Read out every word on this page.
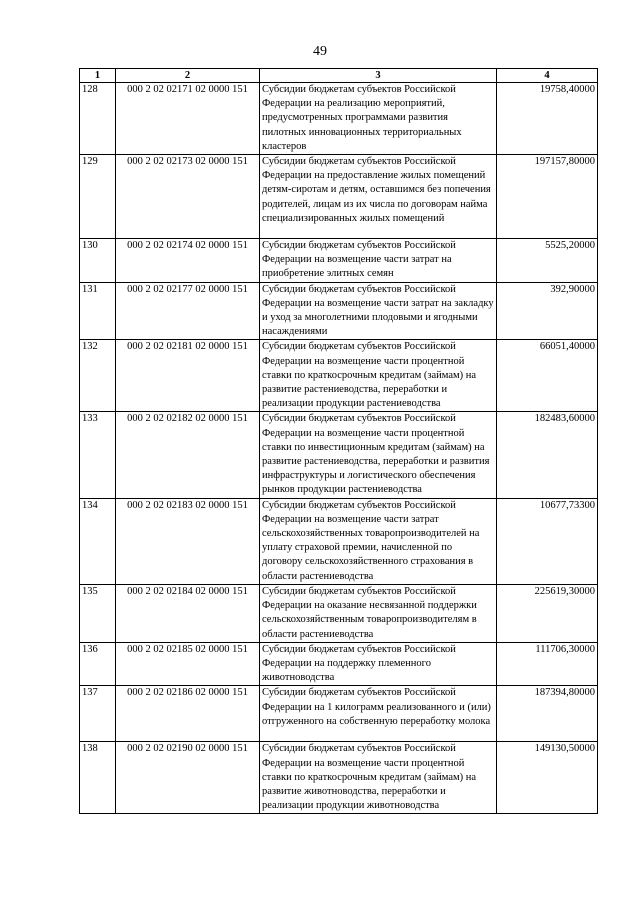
49
1	2	3	4
128	000 2 02 02171 02 0000 151	Субсидии бюджетам субъектов Российской Федерации на реализацию мероприятий, предусмотренных программами развития пилотных инновационных территориальных кластеров	19758,40000
129	000 2 02 02173 02 0000 151	Субсидии бюджетам субъектов Российской Федерации на предоставление жилых помещений детям-сиротам и детям, оставшимся без попечения родителей, лицам из их числа по договорам найма специализированных жилых помещений	197157,80000
130	000 2 02 02174 02 0000 151	Субсидии бюджетам субъектов Российской Федерации на возмещение части затрат на приобретение элитных семян	5525,20000
131	000 2 02 02177 02 0000 151	Субсидии бюджетам субъектов Российской Федерации на возмещение части затрат на закладку и уход за многолетними плодовыми и ягодными насаждениями	392,90000
132	000 2 02 02181 02 0000 151	Субсидии бюджетам субъектов Российской Федерации на возмещение части процентной ставки по краткосрочным кредитам (займам) на развитие растениеводства, переработки и реализации продукции растениеводства	66051,40000
133	000 2 02 02182 02 0000 151	Субсидии бюджетам субъектов Российской Федерации на возмещение части процентной ставки по инвестиционным кредитам (займам) на развитие растениеводства, переработки и развития инфраструктуры и логистического обеспечения рынков продукции растениеводства	182483,60000
134	000 2 02 02183 02 0000 151	Субсидии бюджетам субъектов Российской Федерации на возмещение части затрат сельскохозяйственных товаропроизводителей на уплату страховой премии, начисленной по договору сельскохозяйственного страхования в области растениеводства	10677,73300
135	000 2 02 02184 02 0000 151	Субсидии бюджетам субъектов Российской Федерации на оказание несвязанной поддержки сельскохозяйственным товаропроизводителям в области растениеводства	225619,30000
136	000 2 02 02185 02 0000 151	Субсидии бюджетам субъектов Российской Федерации на поддержку племенного животноводства	111706,30000
137	000 2 02 02186 02 0000 151	Субсидии бюджетам субъектов Российской Федерации на 1 килограмм реализованного и (или) отгруженного на собственную переработку молока	187394,80000
138	000 2 02 02190 02 0000 151	Субсидии бюджетам субъектов Российской Федерации на возмещение части процентной ставки по краткосрочным кредитам (займам) на развитие животноводства, переработки и реализации продукции животноводства	149130,50000
